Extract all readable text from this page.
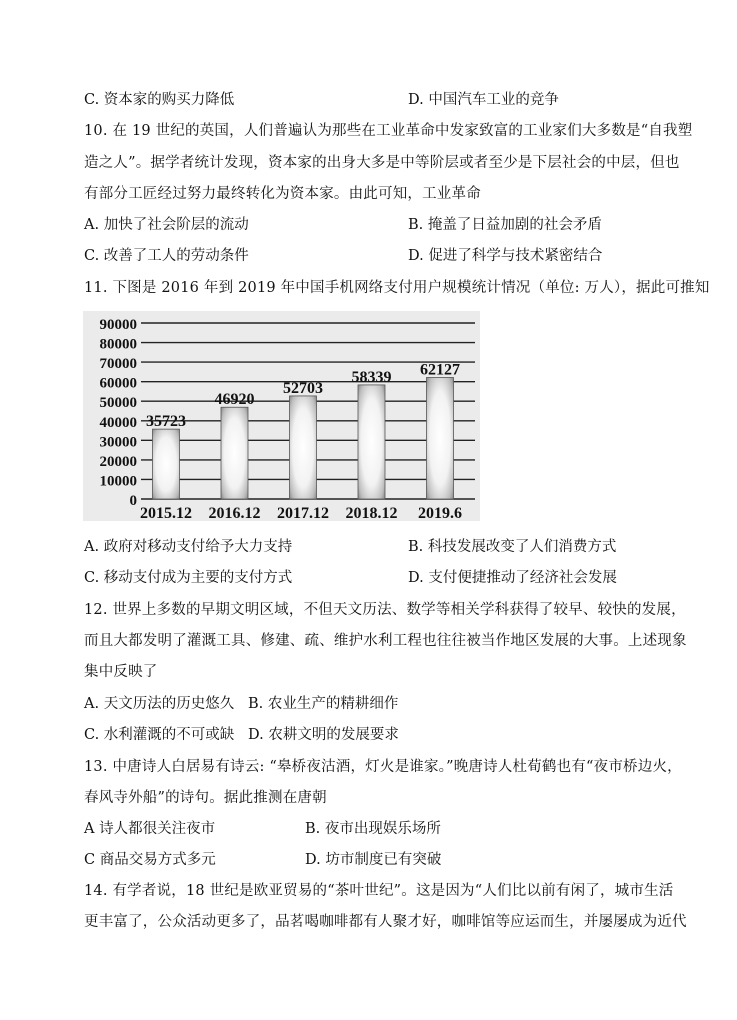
C. 资本家的购买力降低	D. 中国汽车工业的竞争
10. 在 19 世纪的英国，人们普遍认为那些在工业革命中发家致富的工业家们大多数是“自我塑
造之人”。据学者统计发现，资本家的出身大多是中等阶层或者至少是下层社会的中层，但也
有部分工匠经过努力最终转化为资本家。由此可知，工业革命
A. 加快了社会阶层的流动	B. 掩盖了日益加剧的社会矛盾
C. 改善了工人的劳动条件	D. 促进了科学与技术紧密结合
11. 下图是 2016 年到 2019 年中国手机网络支付用户规模统计情况（单位: 万人），据此可推知
0
10000
20000
30000
40000
50000
60000
70000
80000
90000
35723
46920
52703
58339 62127
2015.12 2016.12 2017.12 2018.12 2019.6
A. 政府对移动支付给予大力支持	B. 科技发展改变了人们消费方式
C. 移动支付成为主要的支付方式	D. 支付便捷推动了经济社会发展
12. 世界上多数的早期文明区域，不但天文历法、数学等相关学科获得了较早、较快的发展，
而且大都发明了灌溉工具、修建、疏、维护水利工程也往往被当作地区发展的大事。上述现象
集中反映了
A. 天文历法的历史悠久 B. 农业生产的精耕细作
C. 水利灌溉的不可或缺 D. 农耕文明的发展要求
13. 中唐诗人白居易有诗云: “皋桥夜沽酒，灯火是谁家。”晚唐诗人杜荀鹤也有“夜市桥边火，
春风寺外船”的诗句。据此推测在唐朝
A 诗人都很关注夜市	B. 夜市出现娱乐场所
C 商品交易方式多元	D. 坊市制度已有突破
14. 有学者说，18 世纪是欧亚贸易的“茶叶世纪”。这是因为“人们比以前有闲了，城市生活
更丰富了，公众活动更多了，品茗喝咖啡都有人聚才好，咖啡馆等应运而生，并屡屡成为近代
